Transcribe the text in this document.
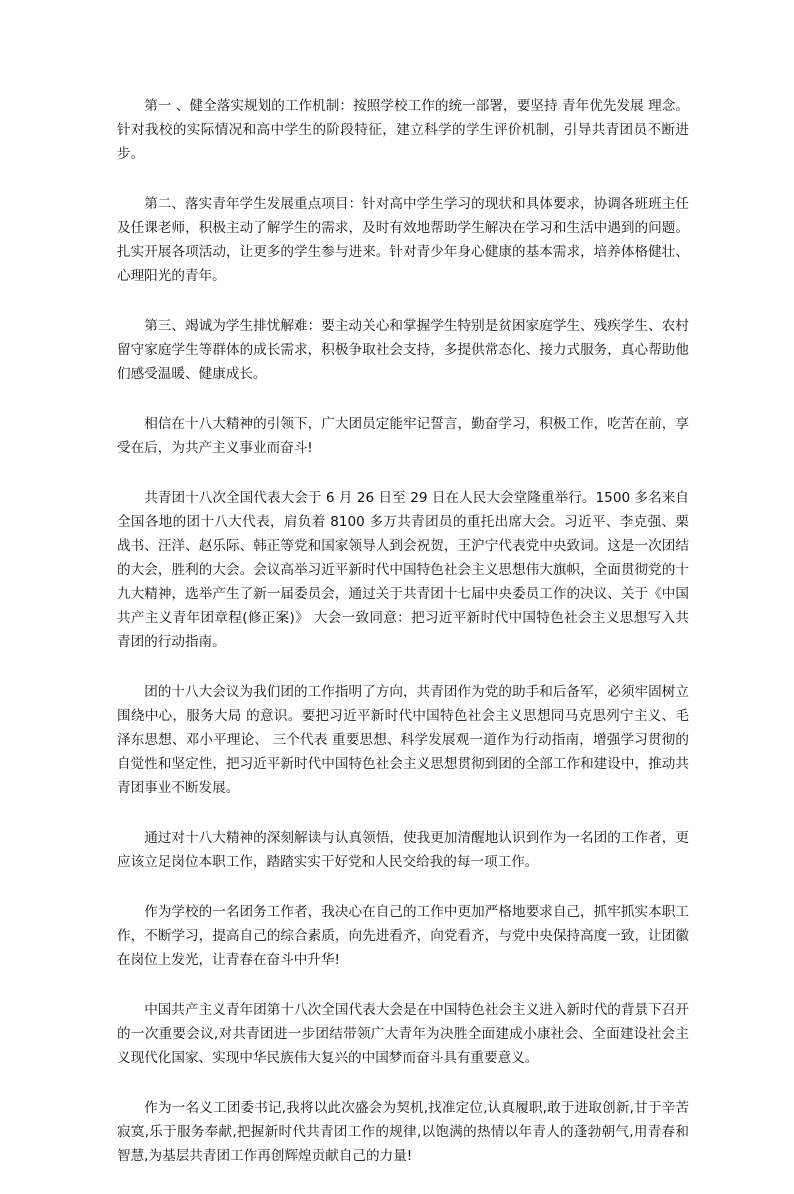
第一 、健全落实规划的工作机制：按照学校工作的统一部署，要坚持 青年优先发展 理念。针对我校的实际情况和高中学生的阶段特征，建立科学的学生评价机制，引导共青团员不断进步。

第二、落实青年学生发展重点项目：针对高中学生学习的现状和具体要求，协调各班班主任及任课老师，积极主动了解学生的需求，及时有效地帮助学生解决在学习和生活中遇到的问题。扎实开展各项活动，让更多的学生参与进来。针对青少年身心健康的基本需求，培养体格健壮、心理阳光的青年。

第三、竭诚为学生排忧解难：要主动关心和掌握学生特别是贫困家庭学生、残疾学生、农村留守家庭学生等群体的成长需求，积极争取社会支持，多提供常态化、接力式服务，真心帮助他们感受温暖、健康成长。

相信在十八大精神的引领下，广大团员定能牢记誓言，勤奋学习，积极工作，吃苦在前，享受在后，为共产主义事业而奋斗!

共青团十八次全国代表大会于 6 月 26 日至 29 日在人民大会堂隆重举行。1500 多名来自全国各地的团十八大代表，肩负着 8100 多万共青团员的重托出席大会。习近平、李克强、栗战书、汪洋、赵乐际、韩正等党和国家领导人到会祝贺，王沪宁代表党中央致词。这是一次团结的大会，胜利的大会。会议高举习近平新时代中国特色社会主义思想伟大旗帜，全面贯彻党的十九大精神，选举产生了新一届委员会，通过关于共青团十七届中央委员工作的决议、关于《中国共产主义青年团章程(修正案)》 大会一致同意：把习近平新时代中国特色社会主义思想写入共青团的行动指南。

团的十八大会议为我们团的工作指明了方向，共青团作为党的助手和后备军，必须牢固树立 围绕中心，服务大局 的意识。要把习近平新时代中国特色社会主义思想同马克思列宁主义、毛泽东思想、邓小平理论、 三个代表 重要思想、科学发展观一道作为行动指南，增强学习贯彻的自觉性和坚定性，把习近平新时代中国特色社会主义思想贯彻到团的全部工作和建设中，推动共青团事业不断发展。

通过对十八大精神的深刻解读与认真领悟，使我更加清醒地认识到作为一名团的工作者，更应该立足岗位本职工作，踏踏实实干好党和人民交给我的每一项工作。

作为学校的一名团务工作者，我决心在自己的工作中更加严格地要求自己，抓牢抓实本职工作，不断学习，提高自己的综合素质，向先进看齐，向党看齐，与党中央保持高度一致，让团徽在岗位上发光，让青春在奋斗中升华!

中国共产主义青年团第十八次全国代表大会是在中国特色社会主义进入新时代的背景下召开的一次重要会议,对共青团进一步团结带领广大青年为决胜全面建成小康社会、全面建设社会主义现代化国家、实现中华民族伟大复兴的中国梦而奋斗具有重要意义。

作为一名义工团委书记,我将以此次盛会为契机,找准定位,认真履职,敢于进取创新,甘于辛苦寂寞,乐于服务奉献,把握新时代共青团工作的规律,以饱满的热情以年青人的蓬勃朝气,用青春和智慧,为基层共青团工作再创辉煌贡献自己的力量!
